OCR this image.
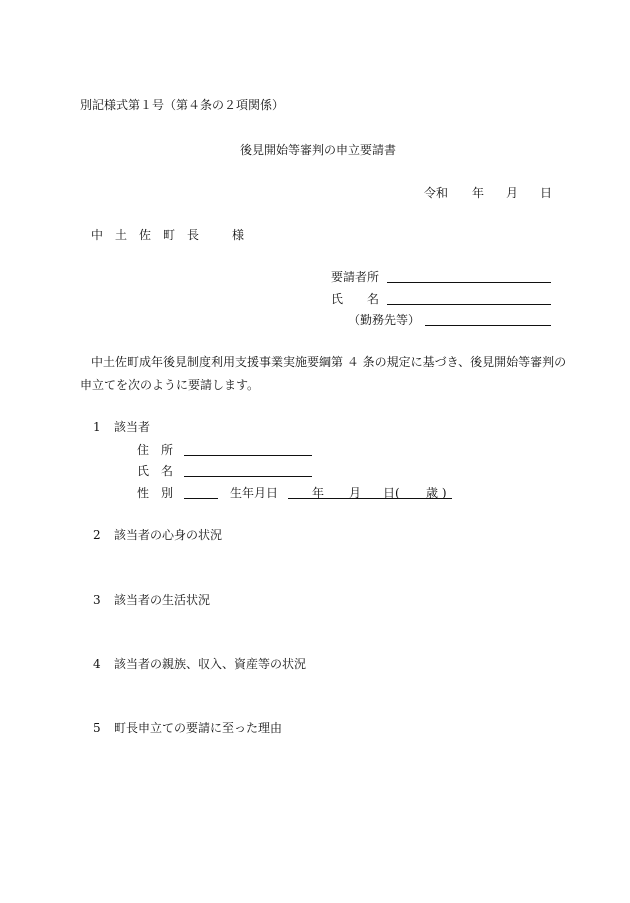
別記様式第１号（第４条の２項関係）
後見開始等審判の申立要請書
令和 年 月 日
中　土　佐　町　長	様
要請者所
氏　　名
（勤務先等）
中土佐町成年後見制度利用支援事業実施要綱第 ４ 条の規定に基づき、後見開始等審判の
申立てを次のように要請します。
1 該当者
住　所
氏　名
性　別	生年月日	年 月 日( 歳 )
2 該当者の心身の状況
3 該当者の生活状況
4 該当者の親族、収入、資産等の状況
5 町長申立ての要請に至った理由
